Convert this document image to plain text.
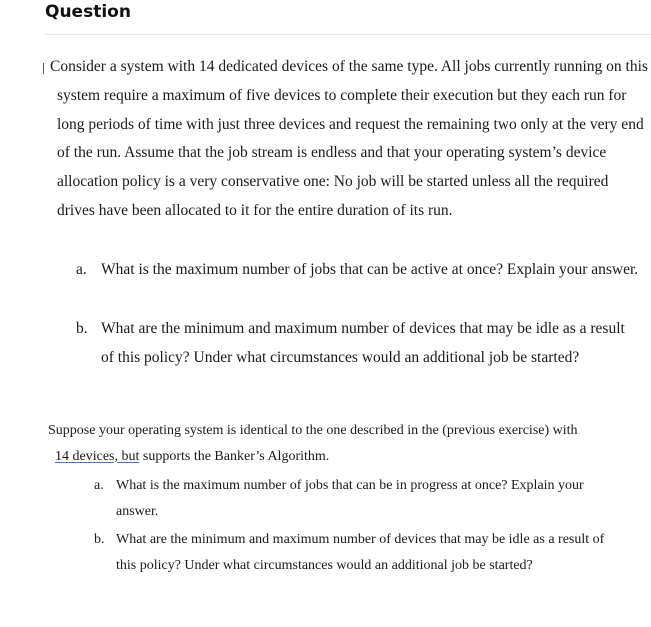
Question

Consider a system with 14 dedicated devices of the same type. All jobs currently running on this system require a maximum of five devices to complete their execution but they each run for long periods of time with just three devices and request the remaining two only at the very end of the run. Assume that the job stream is endless and that your operating system’s device allocation policy is a very conservative one: No job will be started unless all the required drives have been allocated to it for the entire duration of its run.

a. What is the maximum number of jobs that can be active at once? Explain your answer.
b. What are the minimum and maximum number of devices that may be idle as a result of this policy? Under what circumstances would an additional job be started?

Suppose your operating system is identical to the one described in the (previous exercise) with
14 devices, but supports the Banker’s Algorithm.

a. What is the maximum number of jobs that can be in progress at once? Explain your answer.
b. What are the minimum and maximum number of devices that may be idle as a result of this policy? Under what circumstances would an additional job be started?
